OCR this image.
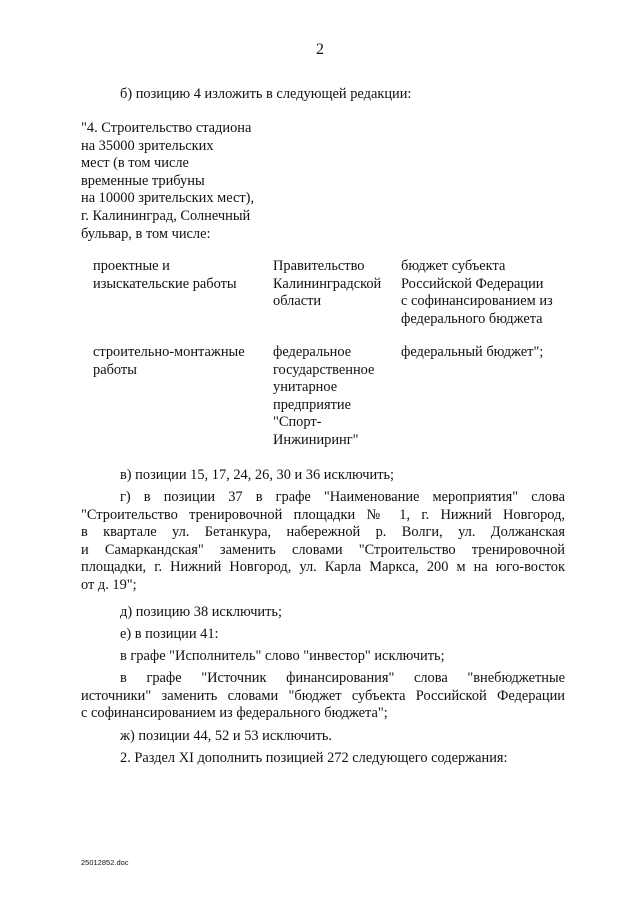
2
б) позицию 4 изложить в следующей редакции:
"4. Строительство стадиона
на 35000 зрительских
мест (в том числе
временные трибуны
на 10000 зрительских мест),
г. Калининград, Солнечный
бульвар, в том числе:
проектные и
изыскательские работы
Правительство
Калининградской
области
бюджет субъекта
Российской Федерации
с софинансированием из
федерального бюджета
строительно-монтажные
работы
федеральное
государственное
унитарное
предприятие
"Спорт-
Инжиниринг"
федеральный бюджет";
в) позиции 15, 17, 24, 26, 30 и 36 исключить;
г) в позиции 37 в графе "Наименование мероприятия" слова
"Строительство тренировочной площадки № 1, г. Нижний Новгород,
в квартале ул. Бетанкура, набережной р. Волги, ул. Должанская
и Самаркандская" заменить словами "Строительство тренировочной
площадки, г. Нижний Новгород, ул. Карла Маркса, 200 м на юго-восток
от д. 19";
д) позицию 38 исключить;
е) в позиции 41:
в графе "Исполнитель" слово "инвестор" исключить;
в графе "Источник финансирования" слова "внебюджетные
источники" заменить словами "бюджет субъекта Российской Федерации
с софинансированием из федерального бюджета";
ж) позиции 44, 52 и 53 исключить.
2. Раздел XI дополнить позицией 272 следующего содержания:
25012852.doc
